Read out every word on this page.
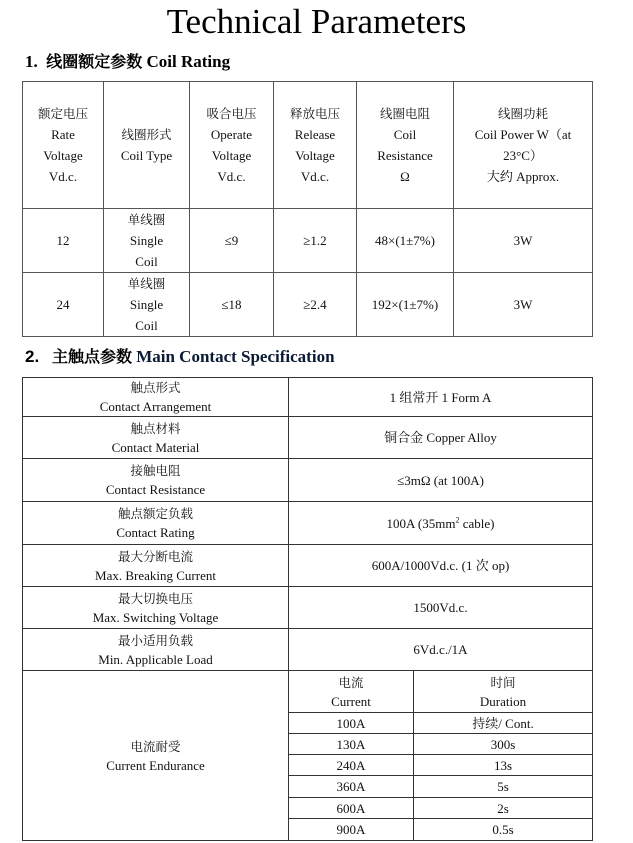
Technical Parameters
1. 线圈额定参数 Coil Rating
额定电压
Rate
Voltage
Vd.c.	线圈形式
Coil Type	吸合电压
Operate
Voltage
Vd.c.	释放电压
Release
Voltage
Vd.c.	线圈电阻
Coil
Resistance
Ω	线圈功耗
Coil Power W（at
23°C）
大约 Approx.

12	单线圈
Single
Coil	≤9	≥1.2	48×(1±7%)	3W
24	单线圈
Single
Coil	≤18	≥2.4	192×(1±7%)	3W
2. 主触点参数 Main Contact Specification
触点形式
Contact Arrangement	1 组常开 1 Form A	

触点材料
Contact Material	铜合金 Copper Alloy	

接触电阻
Contact Resistance	≤3mΩ (at 100A)	

触点额定负载
Contact Rating	100A ($35mm^2$ cable)	

最大分断电流
Max. Breaking Current	600A/1000Vd.c. (1 次 op)	

最大切换电压
Max. Switching Voltage	1500Vd.c.	

最小适用负载
Min. Applicable Load	6Vd.c./1A	

电流耐受
Current Endurance	电流
Current	时间
Duration

	100A	持续/ Cont.
	130A	300s
	240A	13s
	360A	5s
	600A	2s
	900A	0.5s
